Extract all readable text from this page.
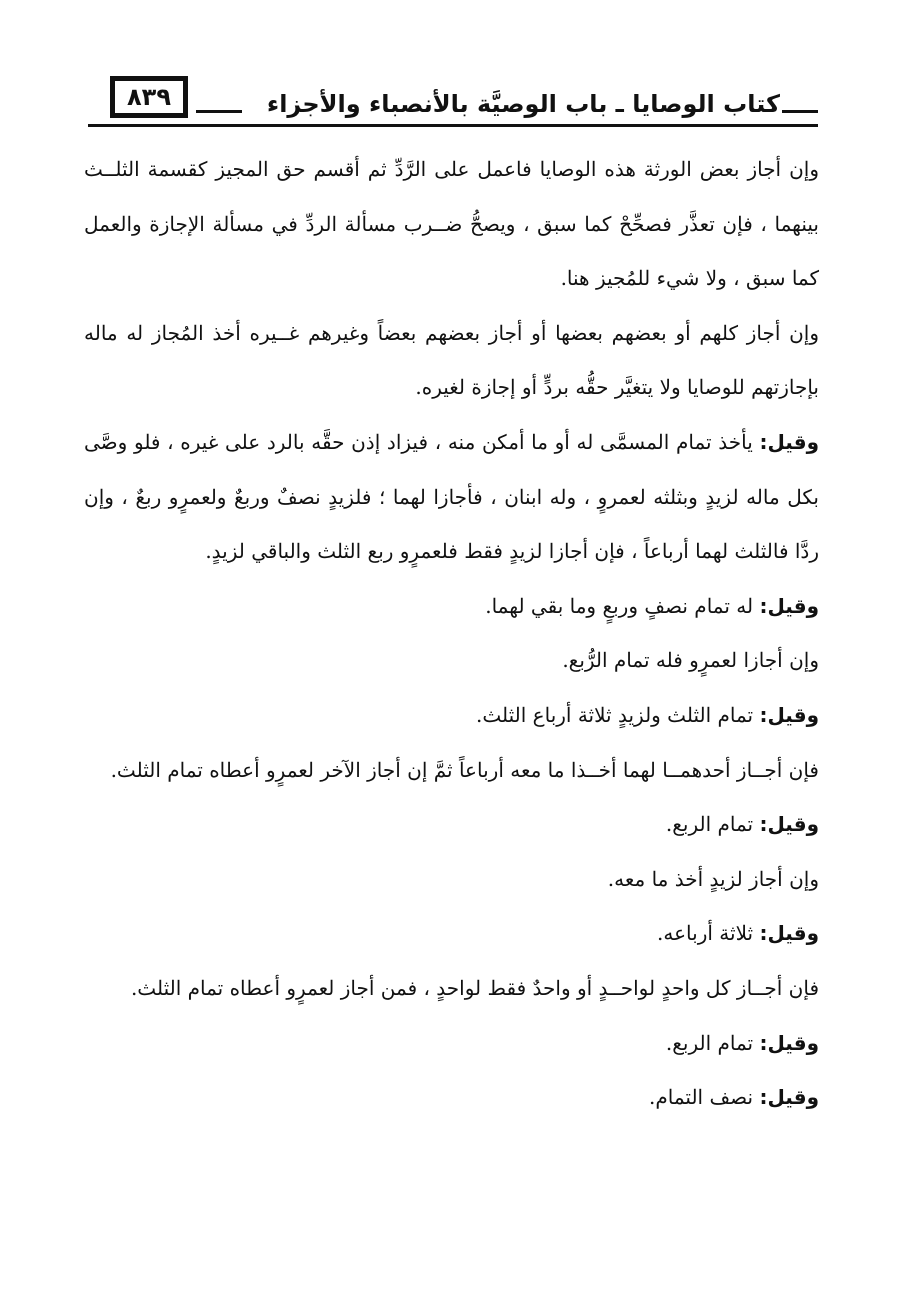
٨٣٩	كتاب الوصايا ـ باب الوصيَّة بالأنصباء والأجزاء

وإن أجاز بعض الورثة هذه الوصايا فاعمل على الرَّدِّ ثم أقسم حق المجيز كقسمة الثلــث بينهما ، فإن تعذَّر فصحِّحْ كما سبق ، ويصحُّ ضــرب مسألة الردِّ في مسألة الإجازة والعمل كما سبق ، ولا شيء للمُجيز هنا.

وإن أجاز كلهم أو بعضهم بعضها أو أجاز بعضهم بعضاً وغيرهم غــيره أخذ المُجاز له ماله بإجازتهم للوصايا ولا يتغيَّر حقُّه بردٍّ أو إجازة لغيره.

وقيل: يأخذ تمام المسمَّى له أو ما أمكن منه ، فيزاد إذن حقَّه بالرد على غيره ، فلو وصَّى بكل ماله لزيدٍ وبثلثه لعمروٍ ، وله ابنان ، فأجازا لهما ؛ فلزيدٍ نصفٌ وربعٌ ولعمرٍو ربعٌ ، وإن ردَّا فالثلث لهما أرباعاً ، فإن أجازا لزيدٍ فقط فلعمرٍو ربع الثلث والباقي لزيدٍ.

وقيل: له تمام نصفٍ وربعٍ وما بقي لهما.

وإن أجازا لعمرٍو فله تمام الرُّبع.

وقيل: تمام الثلث ولزيدٍ ثلاثة أرباع الثلث.

فإن أجــاز أحدهمــا لهما أخــذا ما معه أرباعاً ثمَّ إن أجاز الآخر لعمرٍو أعطاه تمام الثلث.

وقيل: تمام الربع.

وإن أجاز لزيدٍ أخذ ما معه.

وقيل: ثلاثة أرباعه.

فإن أجــاز كل واحدٍ لواحــدٍ أو واحدٌ فقط لواحدٍ ، فمن أجاز لعمرٍو أعطاه تمام الثلث.

وقيل: تمام الربع.

وقيل: نصف التمام.
